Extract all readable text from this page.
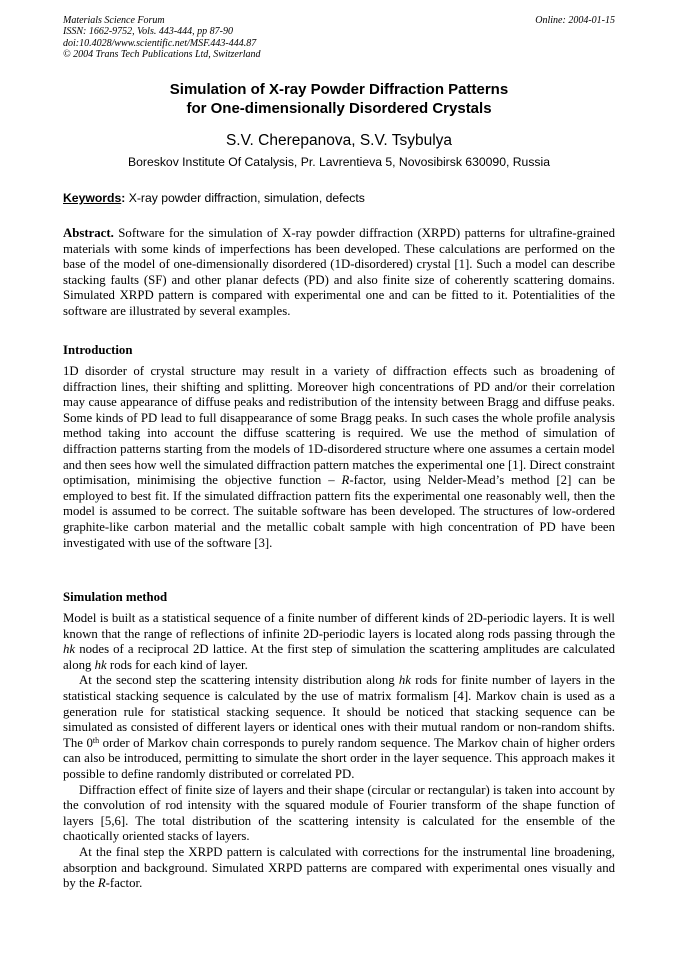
Materials Science Forum
ISSN: 1662-9752, Vols. 443-444, pp 87-90
doi:10.4028/www.scientific.net/MSF.443-444.87
© 2004 Trans Tech Publications Ltd, Switzerland
Online: 2004-01-15
Simulation of X-ray Powder Diffraction Patterns
for One-dimensionally Disordered Crystals
S.V. Cherepanova, S.V. Tsybulya
Boreskov Institute Of Catalysis, Pr. Lavrentieva 5, Novosibirsk 630090, Russia
Keywords: X-ray powder diffraction, simulation, defects

Abstract. Software for the simulation of X-ray powder diffraction (XRPD) patterns for ultrafine-grained materials with some kinds of imperfections has been developed. These calculations are performed on the base of the model of one-dimensionally disordered (1D-disordered) crystal [1]. Such a model can describe stacking faults (SF) and other planar defects (PD) and also finite size of coherently scattering domains. Simulated XRPD pattern is compared with experimental one and can be fitted to it. Potentialities of the software are illustrated by several examples.

Introduction

1D disorder of crystal structure may result in a variety of diffraction effects such as broadening of diffraction lines, their shifting and splitting. Moreover high concentrations of PD and/or their correlation may cause appearance of diffuse peaks and redistribution of the intensity between Bragg and diffuse peaks. Some kinds of PD lead to full disappearance of some Bragg peaks. In such cases the whole profile analysis method taking into account the diffuse scattering is required. We use the method of simulation of diffraction patterns starting from the models of 1D-disordered structure where one assumes a certain model and then sees how well the simulated diffraction pattern matches the experimental one [1]. Direct constraint optimisation, minimising the objective function – R-factor, using Nelder-Mead’s method [2] can be employed to best fit. If the simulated diffraction pattern fits the experimental one reasonably well, then the model is assumed to be correct. The suitable software has been developed. The structures of low-ordered graphite-like carbon material and the metallic cobalt sample with high concentration of PD have been investigated with use of the software [3].

Simulation method

Model is built as a statistical sequence of a finite number of different kinds of 2D-periodic layers. It is well known that the range of reflections of infinite 2D-periodic layers is located along rods passing through the hk nodes of a reciprocal 2D lattice. At the first step of simulation the scattering amplitudes are calculated along hk rods for each kind of layer.

At the second step the scattering intensity distribution along hk rods for finite number of layers in the statistical stacking sequence is calculated by the use of matrix formalism [4]. Markov chain is used as a generation rule for statistical stacking sequence. It should be noticed that stacking sequence can be simulated as consisted of different layers or identical ones with their mutual random or non-random shifts. The 0th order of Markov chain corresponds to purely random sequence. The Markov chain of higher orders can also be introduced, permitting to simulate the short order in the layer sequence. This approach makes it possible to define randomly distributed or correlated PD.

Diffraction effect of finite size of layers and their shape (circular or rectangular) is taken into account by the convolution of rod intensity with the squared module of Fourier transform of the shape function of layers [5,6]. The total distribution of the scattering intensity is calculated for the ensemble of the chaotically oriented stacks of layers.

At the final step the XRPD pattern is calculated with corrections for the instrumental line broadening, absorption and background. Simulated XRPD patterns are compared with experimental ones visually and by the R-factor.
